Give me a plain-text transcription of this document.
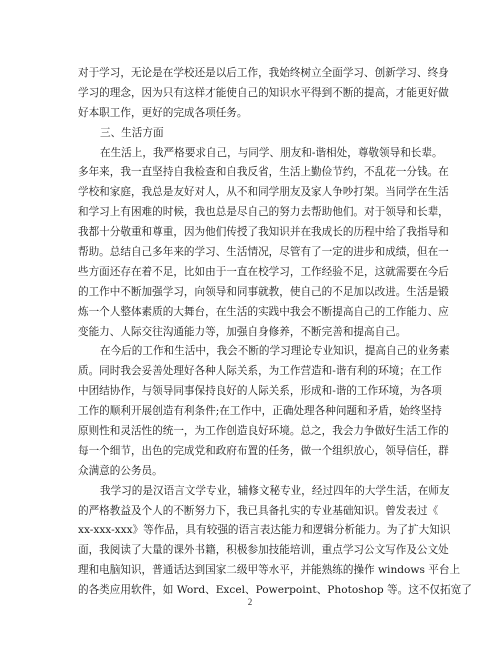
对于学习，无论是在学校还是以后工作，我始终树立全面学习、创新学习、终身
学习的理念，因为只有这样才能使自己的知识水平得到不断的提高，才能更好做
好本职工作，更好的完成各项任务。
三、生活方面
在生活上，我严格要求自己，与同学、朋友和-谐相处，尊敬领导和长辈。
多年来，我一直坚持自我检查和自我反省，生活上勤俭节约，不乱花一分钱。在
学校和家庭，我总是友好对人，从不和同学朋友及家人争吵打架。当同学在生活
和学习上有困难的时候，我也总是尽自己的努力去帮助他们。对于领导和长辈，
我都十分敬重和尊重，因为他们传授了我知识并在我成长的历程中给了我指导和
帮助。总结自己多年来的学习、生活情况，尽管有了一定的进步和成绩，但在一
些方面还存在着不足，比如由于一直在校学习，工作经验不足，这就需要在今后
的工作中不断加强学习，向领导和同事就教，使自己的不足加以改进。生活是锻
炼一个人整体素质的大舞台，在生活的实践中我会不断提高自己的工作能力、应
变能力、人际交往沟通能力等，加强自身修养，不断完善和提高自己。
在今后的工作和生活中，我会不断的学习理论专业知识，提高自己的业务素
质。同时我会妥善处理好各种人际关系，为工作营造和-谐有利的环境；在工作
中团结协作，与领导同事保持良好的人际关系，形成和-谐的工作环境，为各项
工作的顺利开展创造有利条件;在工作中，正确处理各种问题和矛盾，始终坚持
原则性和灵活性的统一，为工作创造良好环境。总之，我会力争做好生活工作的
每一个细节，出色的完成党和政府布置的任务，做一个组织放心，领导信任，群
众满意的公务员。
我学习的是汉语言文学专业，辅修文秘专业，经过四年的大学生活，在师友
的严格教益及个人的不断努力下，我已具备扎实的专业基础知识。曾发表过《
xx-xxx-xxx》等作品，具有较强的语言表达能力和逻辑分析能力。为了扩大知识
面，我阅读了大量的课外书籍，积极参加技能培训，重点学习公文写作及公文处
理和电脑知识，普通话达到国家二级甲等水平，并能熟练的操作 windows 平台上
的各类应用软件，如 Word、Excel、Powerpoint、Photoshop 等。这不仅拓宽了
2
